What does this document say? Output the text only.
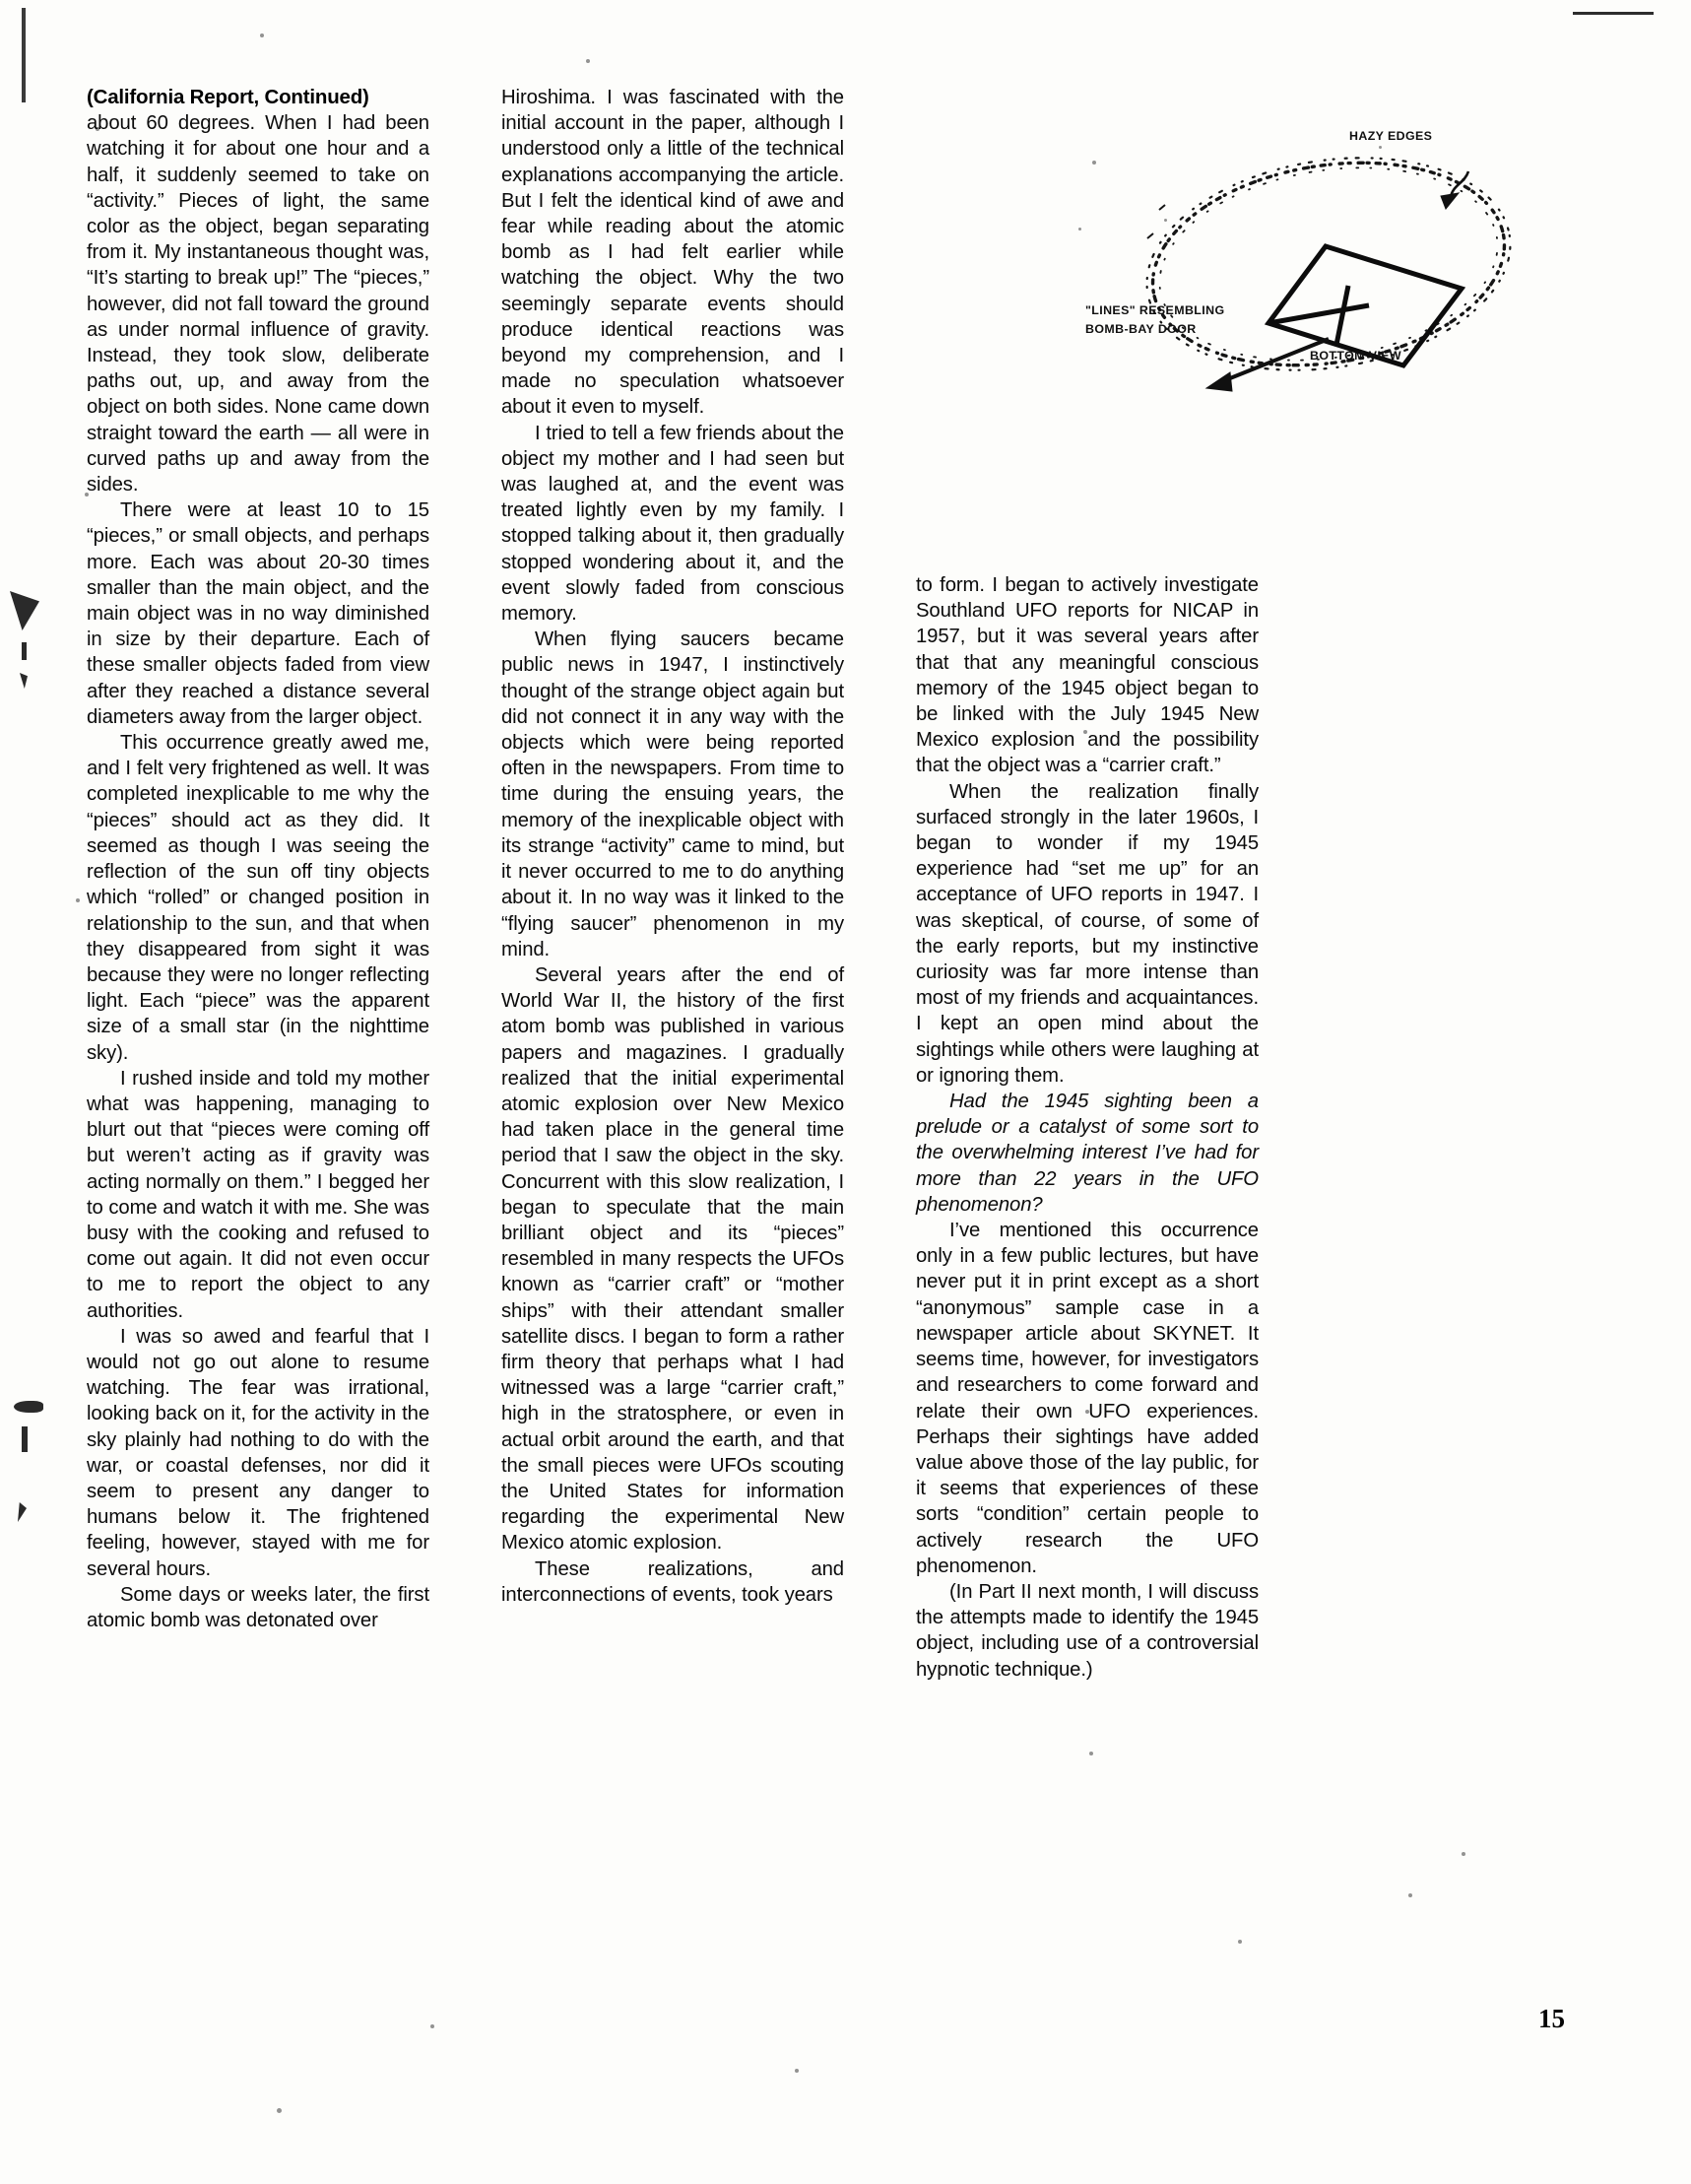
(California Report, Continued)

about 60 degrees. When I had been watching it for about one hour and a half, it suddenly seemed to take on “activity.” Pieces of light, the same color as the object, began separating from it. My instantaneous thought was, “It’s starting to break up!” The “pieces,” however, did not fall toward the ground as under normal influence of gravity. Instead, they took slow, deliberate paths out, up, and away from the object on both sides. None came down straight toward the earth — all were in curved paths up and away from the sides.

There were at least 10 to 15 “pieces,” or small objects, and perhaps more. Each was about 20-30 times smaller than the main object, and the main object was in no way diminished in size by their departure. Each of these smaller objects faded from view after they reached a distance several diameters away from the larger object.

This occurrence greatly awed me, and I felt very frightened as well. It was completed inexplicable to me why the “pieces” should act as they did. It seemed as though I was seeing the reflection of the sun off tiny objects which “rolled” or changed position in relationship to the sun, and that when they disappeared from sight it was because they were no longer reflecting light. Each “piece” was the apparent size of a small star (in the nighttime sky).

I rushed inside and told my mother what was happening, managing to blurt out that “pieces were coming off but weren’t acting as if gravity was acting normally on them.” I begged her to come and watch it with me. She was busy with the cooking and refused to come out again. It did not even occur to me to report the object to any authorities.

I was so awed and fearful that I would not go out alone to resume watching. The fear was irrational, looking back on it, for the activity in the sky plainly had nothing to do with the war, or coastal defenses, nor did it seem to present any danger to humans below it. The frightened feeling, however, stayed with me for several hours.

Some days or weeks later, the first atomic bomb was detonated over

Hiroshima. I was fascinated with the initial account in the paper, although I understood only a little of the technical explanations accompanying the article. But I felt the identical kind of awe and fear while reading about the atomic bomb as I had felt earlier while watching the object. Why the two seemingly separate events should produce identical reactions was beyond my comprehension, and I made no speculation whatsoever about it even to myself.

I tried to tell a few friends about the object my mother and I had seen but was laughed at, and the event was treated lightly even by my family. I stopped talking about it, then gradually stopped wondering about it, and the event slowly faded from conscious memory.

When flying saucers became public news in 1947, I instinctively thought of the strange object again but did not connect it in any way with the objects which were being reported often in the newspapers. From time to time during the ensuing years, the memory of the inexplicable object with its strange “activity” came to mind, but it never occurred to me to do anything about it. In no way was it linked to the “flying saucer” phenomenon in my mind.

Several years after the end of World War II, the history of the first atom bomb was published in various papers and magazines. I gradually realized that the initial experimental atomic explosion over New Mexico had taken place in the general time period that I saw the object in the sky. Concurrent with this slow realization, I began to speculate that the main brilliant object and its “pieces” resembled in many respects the UFOs known as “carrier craft” or “mother ships” with their attendant smaller satellite discs. I began to form a rather firm theory that perhaps what I had witnessed was a large “carrier craft,” high in the stratosphere, or even in actual orbit around the earth, and that the small pieces were UFOs scouting the United States for information regarding the experimental New Mexico atomic explosion.

These realizations, and interconnections of events, took years

to form. I began to actively investigate Southland UFO reports for NICAP in 1957, but it was several years after that that any meaningful conscious memory of the 1945 object began to be linked with the July 1945 New Mexico explosion and the possibility that the object was a “carrier craft.”

When the realization finally surfaced strongly in the later 1960s, I began to wonder if my 1945 experience had “set me up” for an acceptance of UFO reports in 1947. I was skeptical, of course, of some of the early reports, but my instinctive curiosity was far more intense than most of my friends and acquaintances. I kept an open mind about the sightings while others were laughing at or ignoring them.

Had the 1945 sighting been a prelude or a catalyst of some sort to the overwhelming interest I’ve had for more than 22 years in the UFO phenomenon?

I’ve mentioned this occurrence only in a few public lectures, but have never put it in print except as a short “anonymous” sample case in a newspaper article about SKYNET. It seems time, however, for investigators and researchers to come forward and relate their own UFO experiences. Perhaps their sightings have added value above those of the lay public, for it seems that experiences of these sorts “condition” certain people to actively research the UFO phenomenon.

(In Part II next month, I will discuss the attempts made to identify the 1945 object, including use of a controversial hypnotic technique.)

HAZY EDGES
"LINES" RESEMBLING
BOMB-BAY DOOR
BOTTOM VIEW
15
